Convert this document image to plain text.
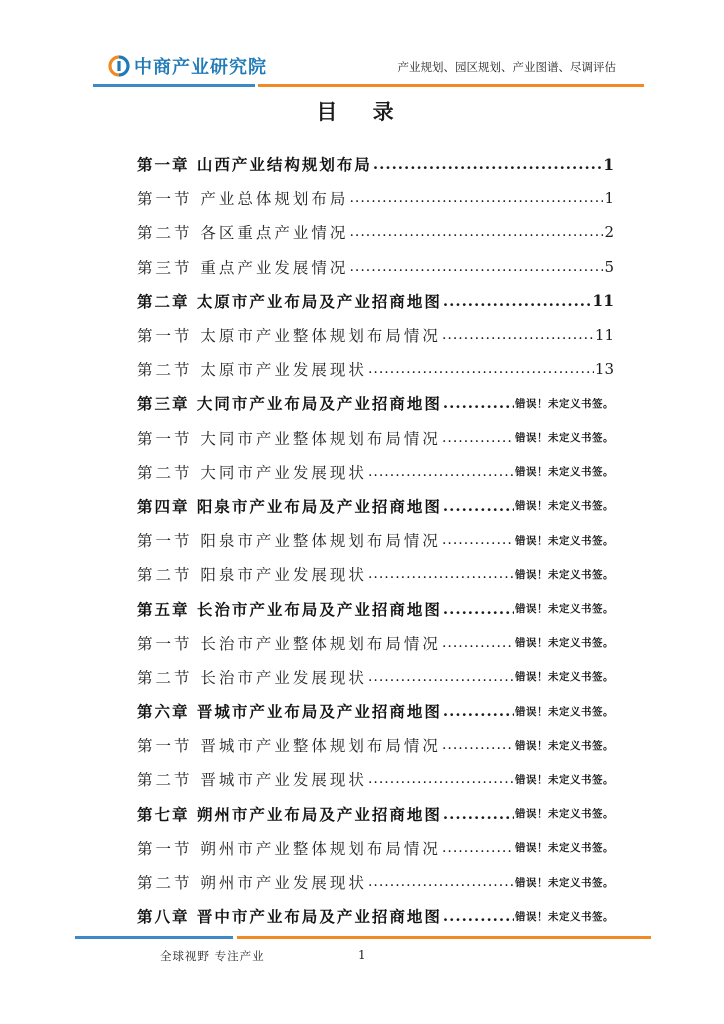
中商产业研究院	产业规划、园区规划、产业图谱、尽调评估
目 录
第一章 山西产业结构规划布局 .....	1
第一节 产业总体规划布局 .....	1
第二节 各区重点产业情况 .....	2
第三节 重点产业发展情况 .....	5
第二章 太原市产业布局及产业招商地图 .....	11
第一节 太原市产业整体规划布局情况 .....	11
第二节 太原市产业发展现状 .....	13
第三章 大同市产业布局及产业招商地图 .....	错误！未定义书签。
第一节 大同市产业整体规划布局情况 .....	错误！未定义书签。
第二节 大同市产业发展现状 .....	错误！未定义书签。
第四章 阳泉市产业布局及产业招商地图 .....	错误！未定义书签。
第一节 阳泉市产业整体规划布局情况 .....	错误！未定义书签。
第二节 阳泉市产业发展现状 .....	错误！未定义书签。
第五章 长治市产业布局及产业招商地图 .....	错误！未定义书签。
第一节 长治市产业整体规划布局情况 .....	错误！未定义书签。
第二节 长治市产业发展现状 .....	错误！未定义书签。
第六章 晋城市产业布局及产业招商地图 .....	错误！未定义书签。
第一节 晋城市产业整体规划布局情况 .....	错误！未定义书签。
第二节 晋城市产业发展现状 .....	错误！未定义书签。
第七章 朔州市产业布局及产业招商地图 .....	错误！未定义书签。
第一节 朔州市产业整体规划布局情况 .....	错误！未定义书签。
第二节 朔州市产业发展现状 .....	错误！未定义书签。
第八章 晋中市产业布局及产业招商地图 .....	错误！未定义书签。
全球视野 专注产业	1
